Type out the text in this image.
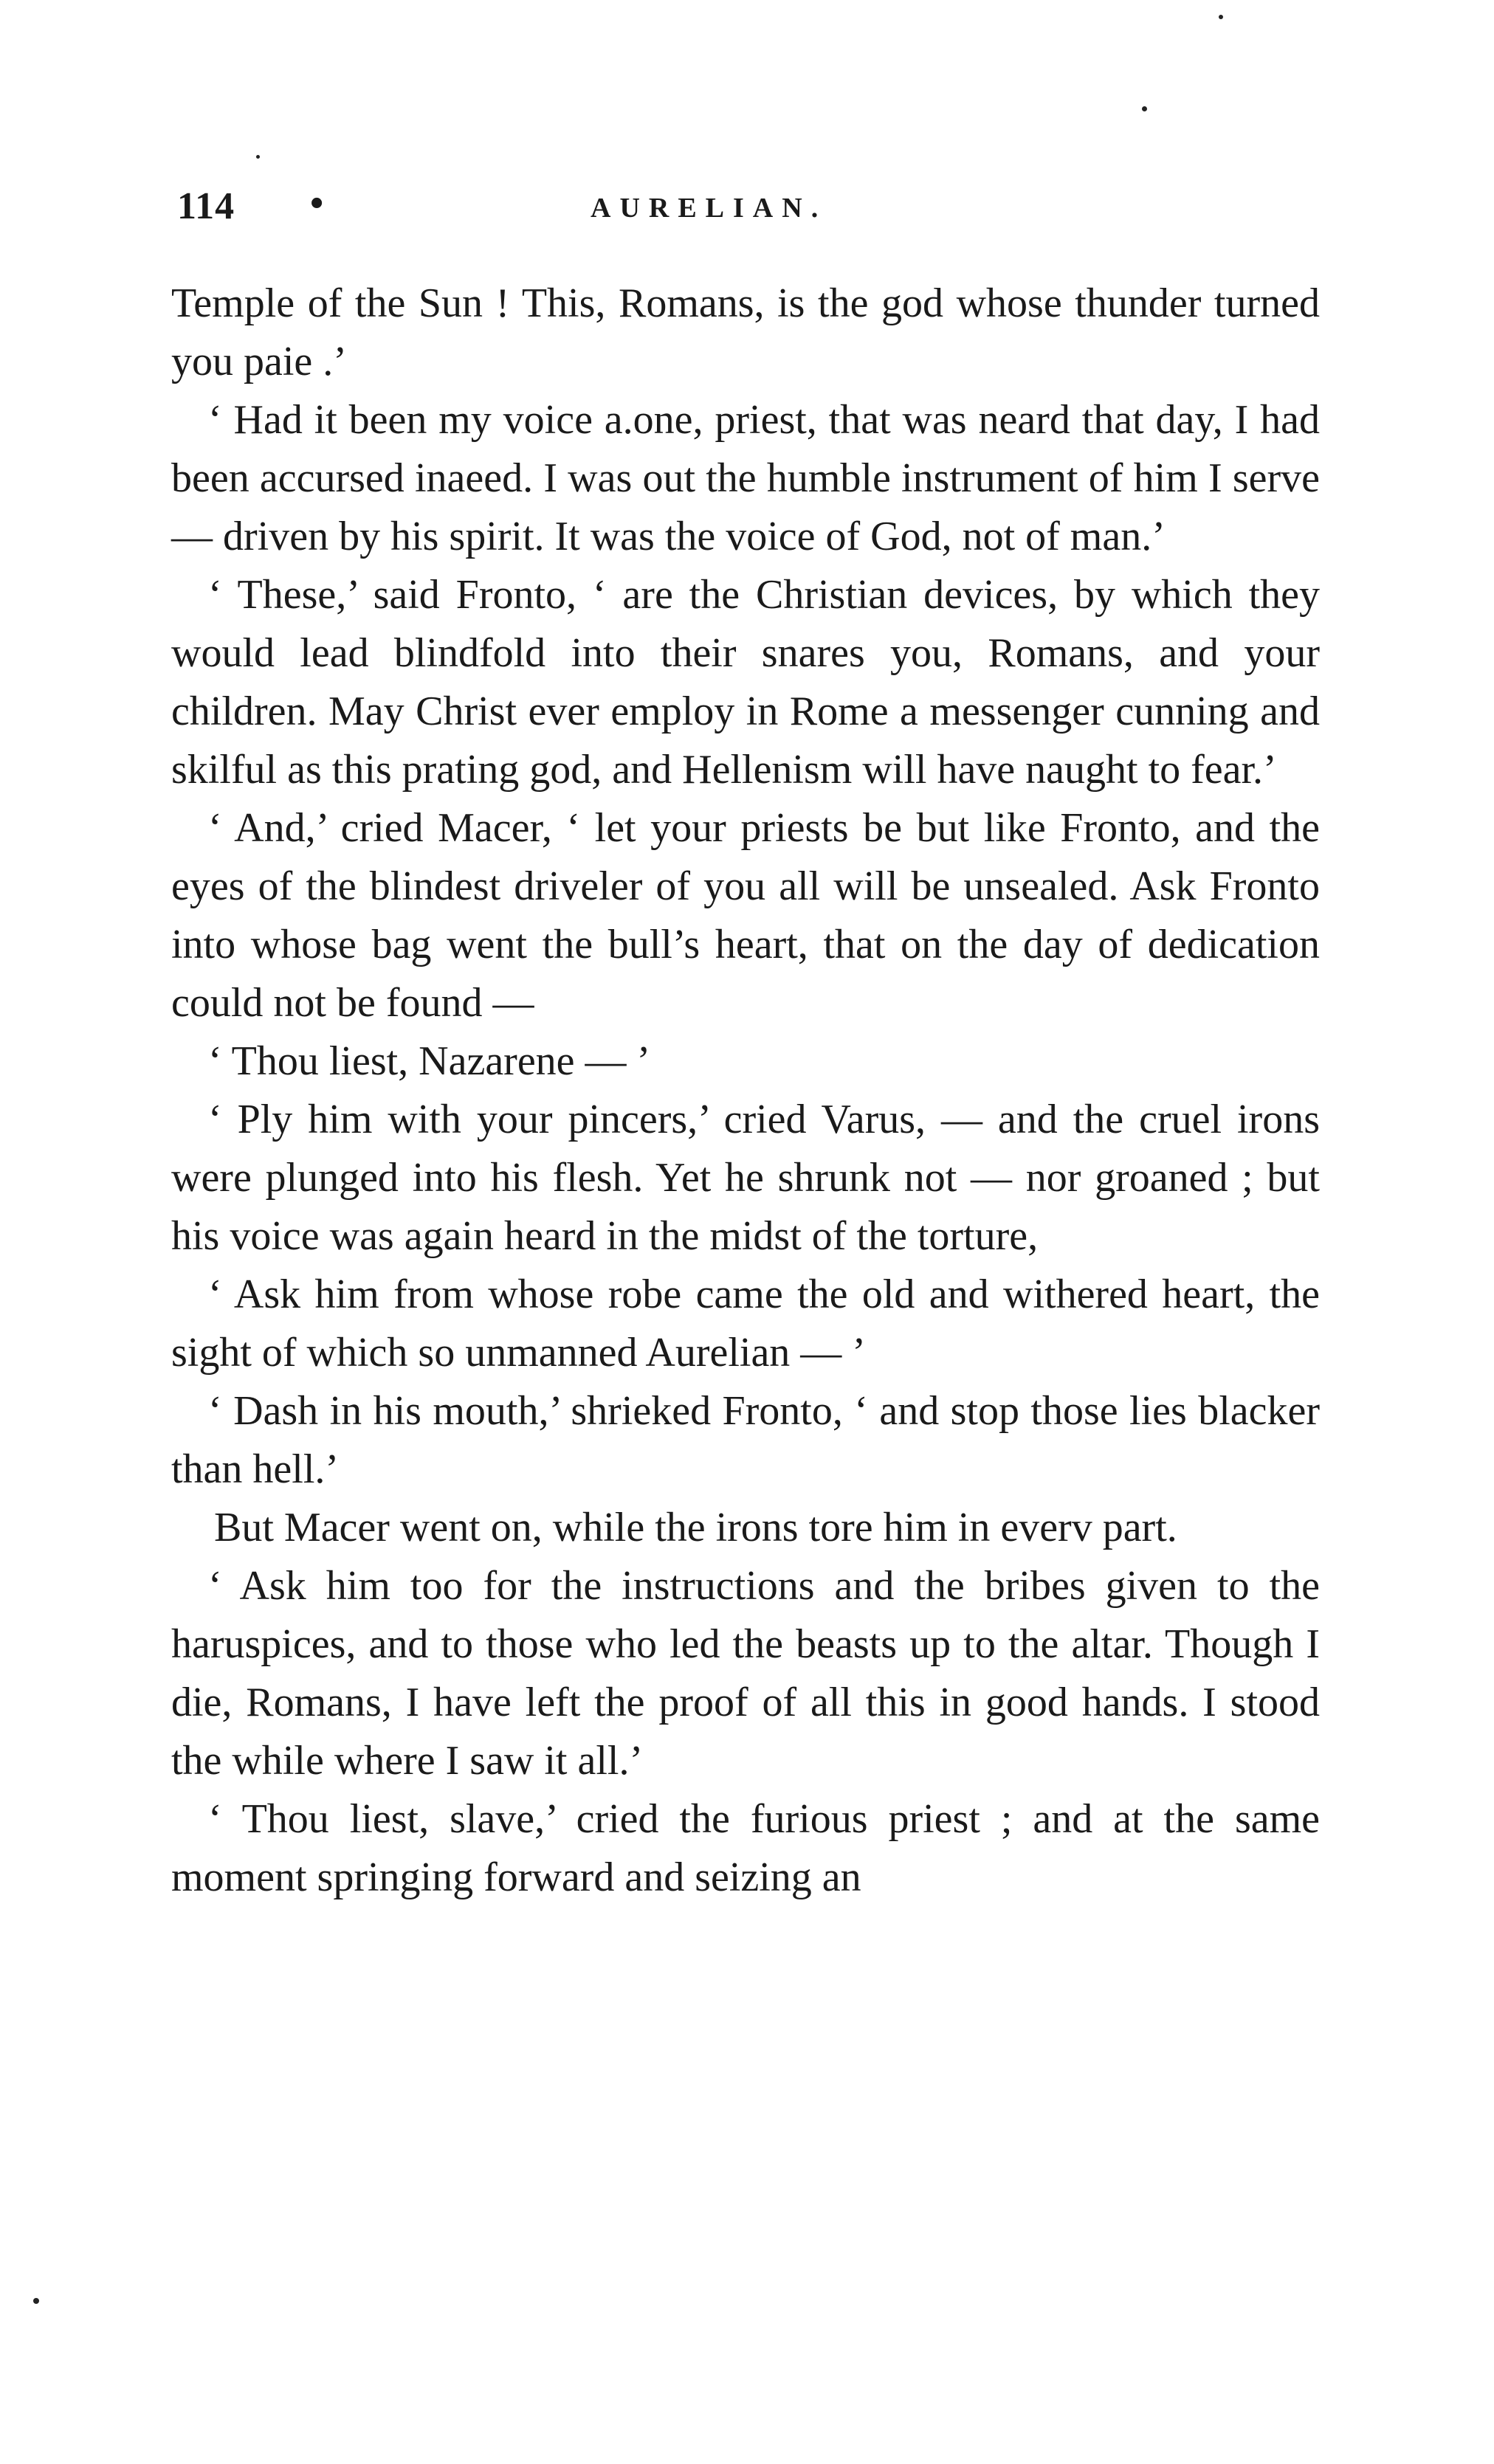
114 •	AURELIAN.

Temple of the Sun ! This, Romans, is the god whose thunder turned you paie .’

‘ Had it been my voice a.one, priest, that was neard that day, I had been accursed inaeed. I was out the humble instrument of him I serve — driven by his spirit. It was the voice of God, not of man.’

‘ These,’ said Fronto, ‘ are the Christian devices, by which they would lead blindfold into their snares you, Romans, and your children. May Christ ever employ in Rome a messenger cunning and skilful as this prating god, and Hellenism will have naught to fear.’

‘ And,’ cried Macer, ‘ let your priests be but like Fronto, and the eyes of the blindest driveler of you all will be unsealed. Ask Fronto into whose bag went the bull’s heart, that on the day of dedication could not be found —

‘ Thou liest, Nazarene — ’

‘ Ply him with your pincers,’ cried Varus, — and the cruel irons were plunged into his flesh. Yet he shrunk not — nor groaned ; but his voice was again heard in the midst of the torture,

‘ Ask him from whose robe came the old and withered heart, the sight of which so unmanned Aurelian — ’

‘ Dash in his mouth,’ shrieked Fronto, ‘ and stop those lies blacker than hell.’

But Macer went on, while the irons tore him in everv part.

‘ Ask him too for the instructions and the bribes given to the haruspices, and to those who led the beasts up to the altar. Though I die, Romans, I have left the proof of all this in good hands. I stood the while where I saw it all.’

‘ Thou liest, slave,’ cried the furious priest ; and at the same moment springing forward and seizing an
